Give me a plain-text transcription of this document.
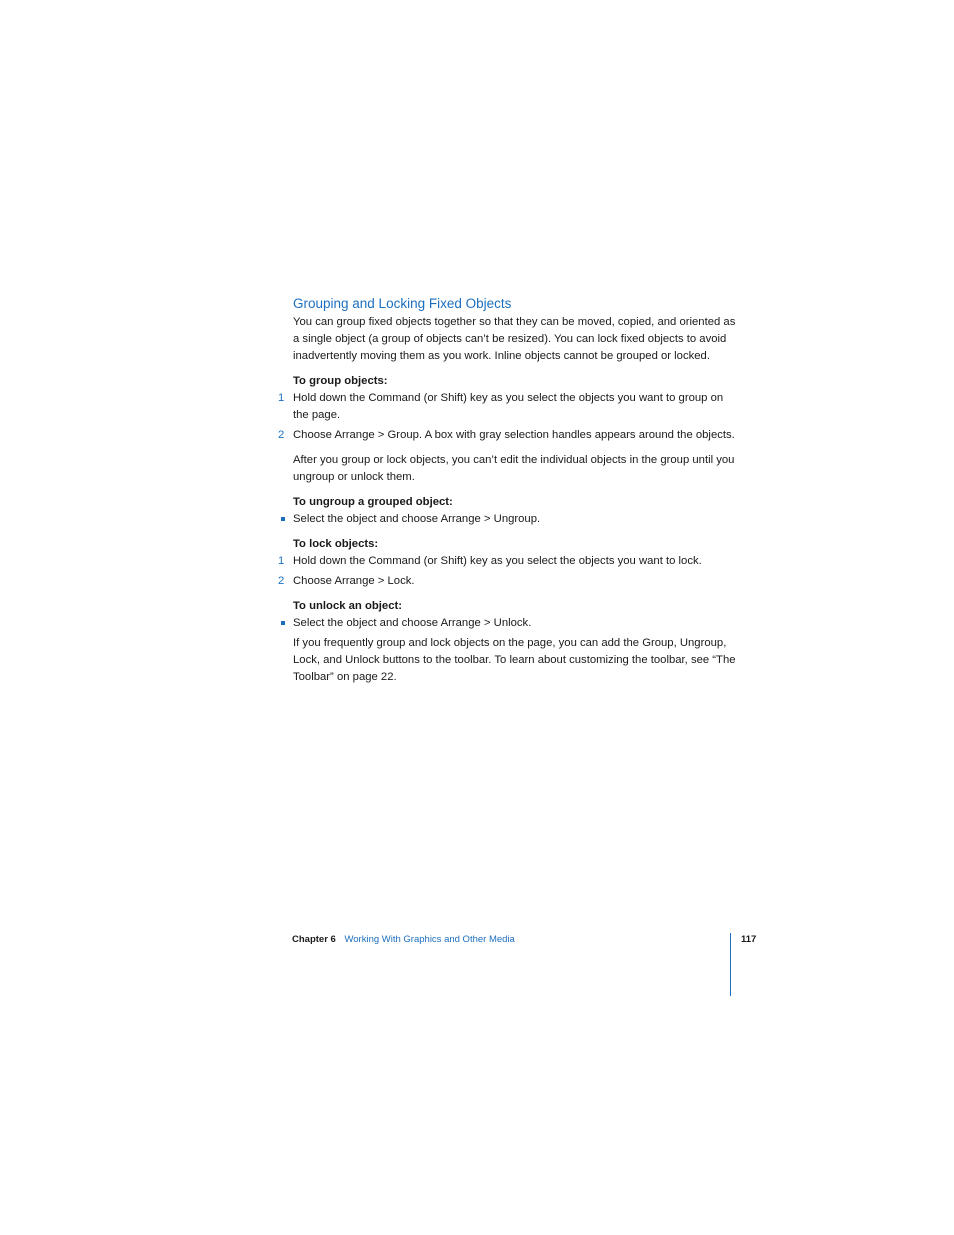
Grouping and Locking Fixed Objects

You can group fixed objects together so that they can be moved, copied, and oriented as a single object (a group of objects can’t be resized). You can lock fixed objects to avoid inadvertently moving them as you work. Inline objects cannot be grouped or locked.

To group objects:

1 Hold down the Command (or Shift) key as you select the objects you want to group on the page.
2 Choose Arrange > Group. A box with gray selection handles appears around the objects.

After you group or lock objects, you can’t edit the individual objects in the group until you ungroup or unlock them.

To ungroup a grouped object:

Select the object and choose Arrange > Ungroup.

To lock objects:

1 Hold down the Command (or Shift) key as you select the objects you want to lock.
2 Choose Arrange > Lock.

To unlock an object:

Select the object and choose Arrange > Unlock.

If you frequently group and lock objects on the page, you can add the Group, Ungroup, Lock, and Unlock buttons to the toolbar. To learn about customizing the toolbar, see “The Toolbar” on page 22.

Chapter 6 Working With Graphics and Other Media	117
